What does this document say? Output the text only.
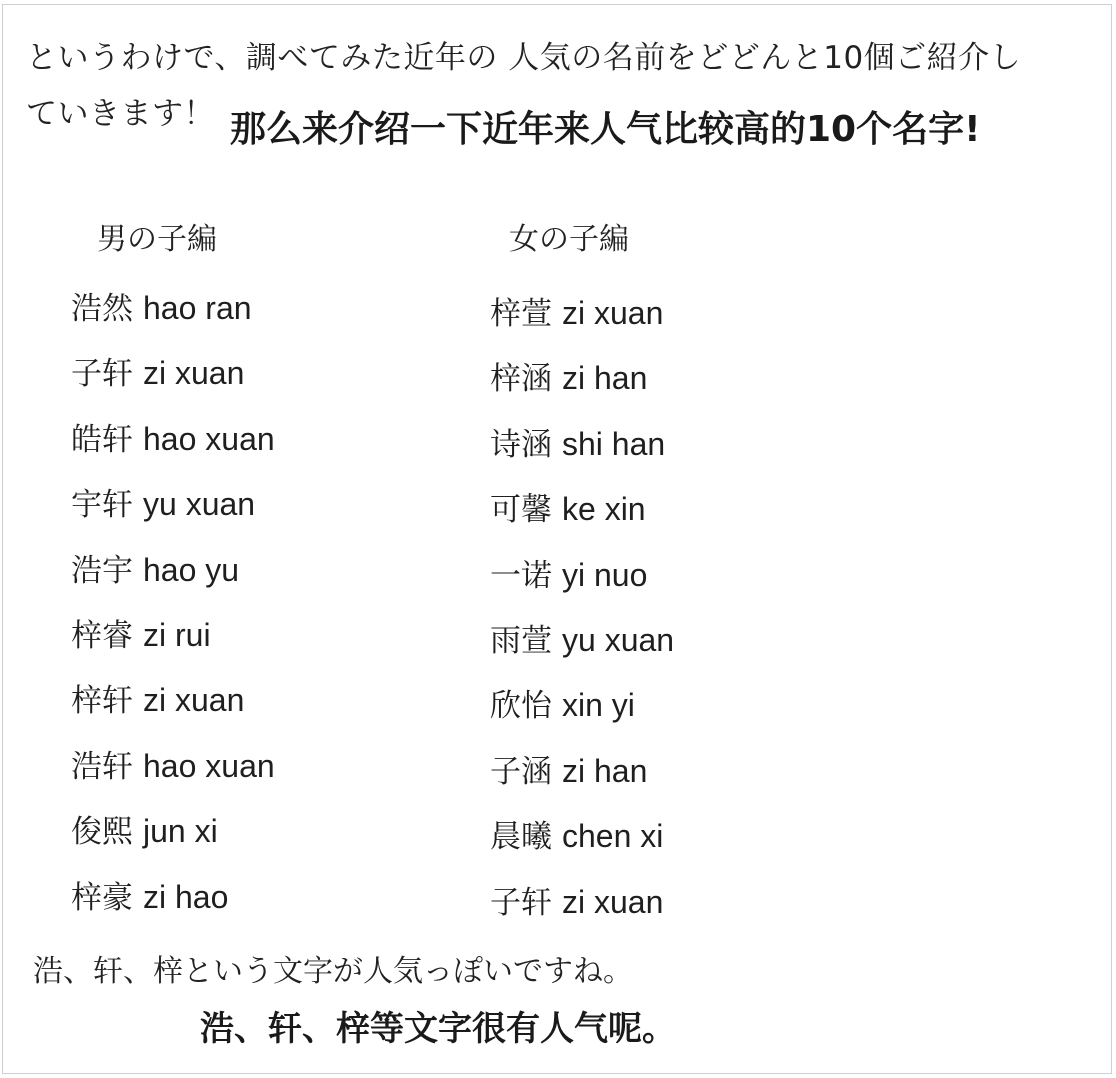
というわけで、調べてみた近年の 人気の名前をどどんと10個ご紹介し
ていきます！ 那么来介绍一下近年来人气比较高的10个名字!
男の子編	女の子編
浩然 hao ran
子轩 zi xuan
皓轩 hao xuan
宇轩 yu xuan
浩宇 hao yu
梓睿 zi rui
梓轩 zi xuan
浩轩 hao xuan
俊熙 jun xi
梓豪 zi hao
梓萱 zi xuan
梓涵 zi han
诗涵 shi han
可馨 ke xin
一诺 yi nuo
雨萱 yu xuan
欣怡 xin yi
子涵 zi han
晨曦 chen xi
子轩 zi xuan
浩、轩、梓という文字が人気っぽいですね。
浩、轩、梓等文字很有人气呢。
